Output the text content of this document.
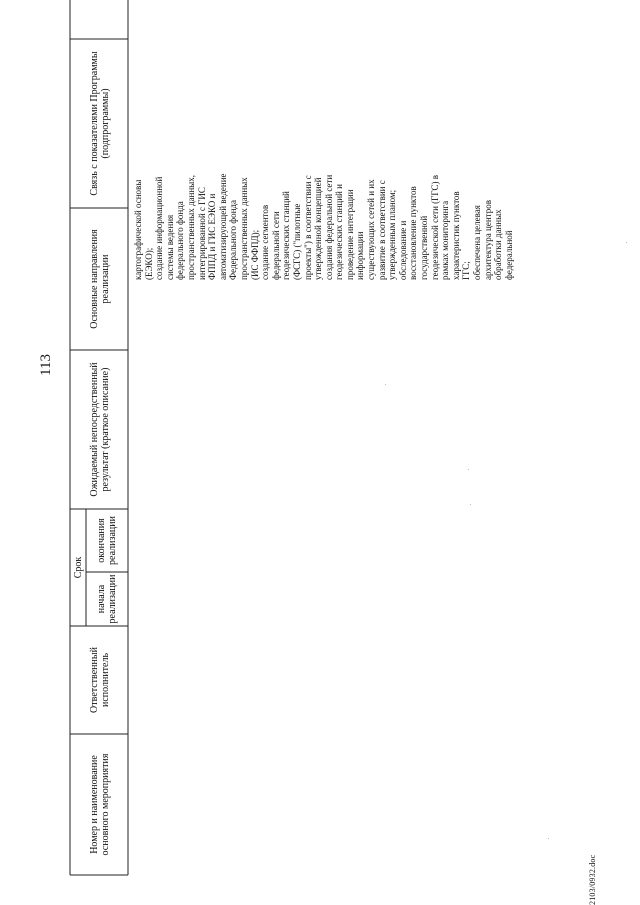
113
2103/0932.doc
Номер и наименование основного мероприятия
Ответственный исполнитель
Срок
начала реализации
окончания реализации
Ожидаемый непосредственный результат (краткое описание)
Основные направления реализации
Связь с показателями Программы (подпрограммы)
картографической основы (ЕЭКО); создание информационной системы ведения федерального фонда пространственных данных, интегрированной с ГИС ФППД и ГИС ЕЭКО и автоматизирующей ведение Федерального фонда пространственных данных (ИС ФФПД); создание сегментов федеральной сети геодезических станций (ФСГС) ("пилотные проекты") в соответствии с утвержденной концепцией создания федеральной сети геодезических станций и проведение интеграции информации существующих сетей и их развитие в соответствии с утвержденным планом; обследование и восстановление пунктов государственной геодезической сети (ГГС) в рамках мониторинга характеристик пунктов ГГС; обеспечена целевая архитектура центров обработки данных федеральной
